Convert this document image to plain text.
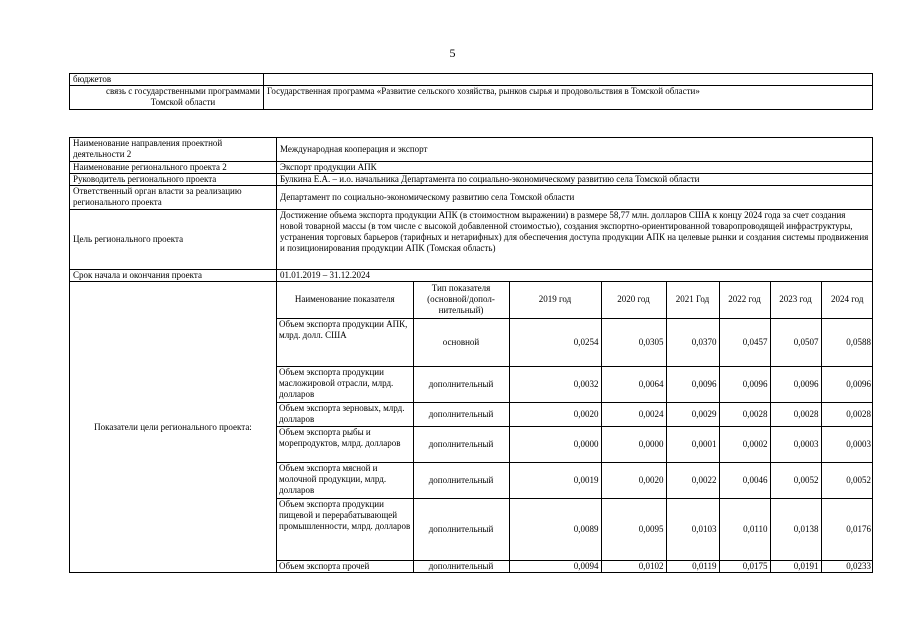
5
бюджетов	
связь с государственными программами Томской области	Государственная программа «Развитие сельского хозяйства, рынков сырья и продовольствия в Томской области»
Наименование направления проектной деятельности 2	Международная кооперация и экспорт
Наименование регионального проекта 2	Экспорт продукции АПК
Руководитель регионального проекта	Булкина Е.А. – и.о. начальника Департамента по социально-экономическому развитию села Томской области
Ответственный орган власти за реализацию регионального проекта	Департамент по социально-экономическому развитию села Томской области
Цель регионального проекта	Достижение объема экспорта продукции АПК (в стоимостном выражении) в размере 58,77 млн. долларов США к концу 2024 года за счет создания новой товарной массы (в том числе с высокой добавленной стоимостью), создания экспортно-ориентированной товаропроводящей инфраструктуры, устранения торговых барьеров (тарифных и нетарифных) для обеспечения доступа продукции АПК на целевые рынки и создания системы продвижения и позиционирования продукции АПК (Томская область)
Срок начала и окончания проекта	01.01.2019 – 31.12.2024
Показатели цели регионального проекта:	
Наименование показателя	Тип показателя (основной/допол-нительный)	2019 год	2020 год	2021 Год	2022 год	2023 год	2024 год
Объем экспорта продукции АПК, млрд. долл. США	основной	0,0254	0,0305	0,0370	0,0457	0,0507	0,0588
Объем экспорта продукции масложировой отрасли, млрд. долларов	дополнительный	0,0032	0,0064	0,0096	0,0096	0,0096	0,0096
Объем экспорта зерновых, млрд. долларов	дополнительный	0,0020	0,0024	0,0029	0,0028	0,0028	0,0028
Объем экспорта рыбы и морепродуктов, млрд. долларов	дополнительный	0,0000	0,0000	0,0001	0,0002	0,0003	0,0003
Объем экспорта мясной и молочной продукции, млрд. долларов	дополнительный	0,0019	0,0020	0,0022	0,0046	0,0052	0,0052
Объем экспорта продукции пищевой и перерабатывающей промышленности, млрд. долларов	дополнительный	0,0089	0,0095	0,0103	0,0110	0,0138	0,0176
Объем экспорта прочей	дополнительный	0,0094	0,0102	0,0119	0,0175	0,0191	0,0233
